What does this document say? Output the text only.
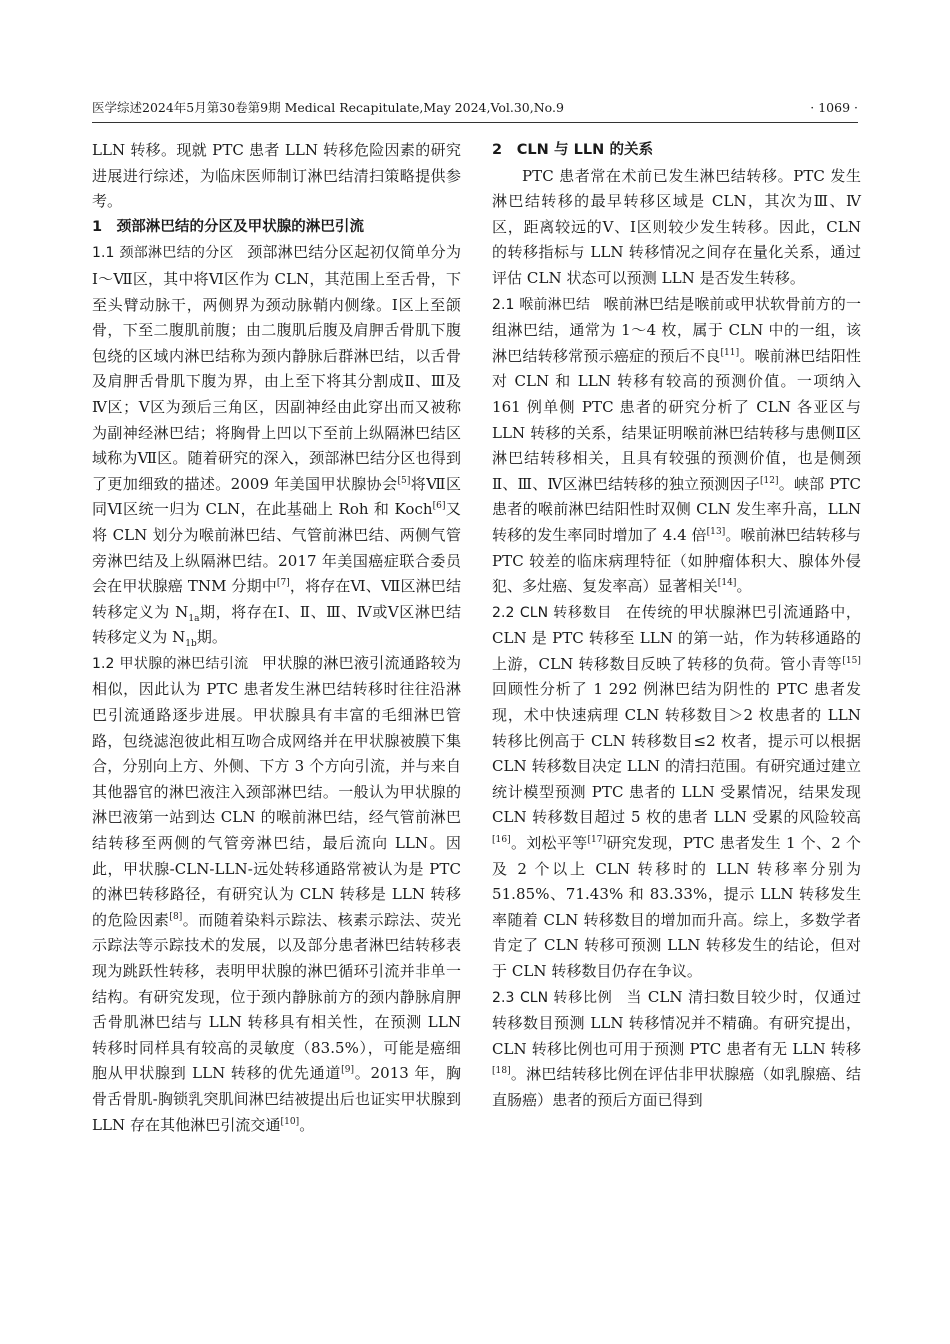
医学综述2024年5月第30卷第9期 Medical Recapitulate,May 2024,Vol.30,No.9	· 1069 ·

LLN 转移。现就 PTC 患者 LLN 转移危险因素的研究进展进行综述，为临床医师制订淋巴结清扫策略提供参考。

1　颈部淋巴结的分区及甲状腺的淋巴引流

1.1 颈部淋巴结的分区 颈部淋巴结分区起初仅简单分为Ⅰ～Ⅶ区，其中将Ⅵ区作为 CLN，其范围上至舌骨，下至头臂动脉干，两侧界为颈动脉鞘内侧缘。Ⅰ区上至颌骨，下至二腹肌前腹；由二腹肌后腹及肩胛舌骨肌下腹包绕的区域内淋巴结称为颈内静脉后群淋巴结，以舌骨及肩胛舌骨肌下腹为界，由上至下将其分割成Ⅱ、Ⅲ及Ⅳ区；Ⅴ区为颈后三角区，因副神经由此穿出而又被称为副神经淋巴结；将胸骨上凹以下至前上纵隔淋巴结区域称为Ⅶ区。随着研究的深入，颈部淋巴结分区也得到了更加细致的描述。2009 年美国甲状腺协会[5]将Ⅶ区同Ⅵ区统一归为 CLN，在此基础上 Roh 和 Koch[6]又将 CLN 划分为喉前淋巴结、气管前淋巴结、两侧气管旁淋巴结及上纵隔淋巴结。2017 年美国癌症联合委员会在甲状腺癌 TNM 分期中[7]，将存在Ⅵ、Ⅶ区淋巴结转移定义为 $N_{1a}$期，将存在Ⅰ、Ⅱ、Ⅲ、Ⅳ或Ⅴ区淋巴结转移定义为 $N_{1b}$期。

1.2 甲状腺的淋巴结引流 甲状腺的淋巴液引流通路较为相似，因此认为 PTC 患者发生淋巴结转移时往往沿淋巴引流通路逐步进展。甲状腺具有丰富的毛细淋巴管路，包绕滤泡彼此相互吻合成网络并在甲状腺被膜下集合，分别向上方、外侧、下方 3 个方向引流，并与来自其他器官的淋巴液注入颈部淋巴结。一般认为甲状腺的淋巴液第一站到达 CLN 的喉前淋巴结，经气管前淋巴结转移至两侧的气管旁淋巴结，最后流向 LLN。因此，甲状腺-CLN-LLN-远处转移通路常被认为是 PTC 的淋巴转移路径，有研究认为 CLN 转移是 LLN 转移的危险因素[8]。而随着染料示踪法、核素示踪法、荧光示踪法等示踪技术的发展，以及部分患者淋巴结转移表现为跳跃性转移，表明甲状腺的淋巴循环引流并非单一结构。有研究发现，位于颈内静脉前方的颈内静脉肩胛舌骨肌淋巴结与 LLN 转移具有相关性，在预测 LLN 转移时同样具有较高的灵敏度（83.5%），可能是癌细胞从甲状腺到 LLN 转移的优先通道[9]。2013 年，胸骨舌骨肌-胸锁乳突肌间淋巴结被提出后也证实甲状腺到 LLN 存在其他淋巴引流交通[10]。

2　CLN 与 LLN 的关系

PTC 患者常在术前已发生淋巴结转移。PTC 发生淋巴结转移的最早转移区域是 CLN，其次为Ⅲ、Ⅳ区，距离较远的Ⅴ、Ⅰ区则较少发生转移。因此，CLN 的转移指标与 LLN 转移情况之间存在量化关系，通过评估 CLN 状态可以预测 LLN 是否发生转移。

2.1 喉前淋巴结 喉前淋巴结是喉前或甲状软骨前方的一组淋巴结，通常为 1～4 枚，属于 CLN 中的一组，该淋巴结转移常预示癌症的预后不良[11]。喉前淋巴结阳性对 CLN 和 LLN 转移有较高的预测价值。一项纳入 161 例单侧 PTC 患者的研究分析了 CLN 各亚区与 LLN 转移的关系，结果证明喉前淋巴结转移与患侧Ⅱ区淋巴结转移相关，且具有较强的预测价值，也是侧颈Ⅱ、Ⅲ、Ⅳ区淋巴结转移的独立预测因子[12]。峡部 PTC 患者的喉前淋巴结阳性时双侧 CLN 发生率升高，LLN 转移的发生率同时增加了 4.4 倍[13]。喉前淋巴结转移与 PTC 较差的临床病理特征（如肿瘤体积大、腺体外侵犯、多灶癌、复发率高）显著相关[14]。

2.2 CLN 转移数目 在传统的甲状腺淋巴引流通路中，CLN 是 PTC 转移至 LLN 的第一站，作为转移通路的上游，CLN 转移数目反映了转移的负荷。管小青等[15]回顾性分析了 1 292 例淋巴结为阴性的 PTC 患者发现，术中快速病理 CLN 转移数目＞2 枚患者的 LLN 转移比例高于 CLN 转移数目≤2 枚者，提示可以根据 CLN 转移数目决定 LLN 的清扫范围。有研究通过建立统计模型预测 PTC 患者的 LLN 受累情况，结果发现 CLN 转移数目超过 5 枚的患者 LLN 受累的风险较高[16]。刘松平等[17]研究发现，PTC 患者发生 1 个、2 个及 2 个以上 CLN 转移时的 LLN 转移率分别为 51.85%、71.43% 和 83.33%，提示 LLN 转移发生率随着 CLN 转移数目的增加而升高。综上，多数学者肯定了 CLN 转移可预测 LLN 转移发生的结论，但对于 CLN 转移数目仍存在争议。

2.3 CLN 转移比例 当 CLN 清扫数目较少时，仅通过转移数目预测 LLN 转移情况并不精确。有研究提出，CLN 转移比例也可用于预测 PTC 患者有无 LLN 转移[18]。淋巴结转移比例在评估非甲状腺癌（如乳腺癌、结直肠癌）患者的预后方面已得到
